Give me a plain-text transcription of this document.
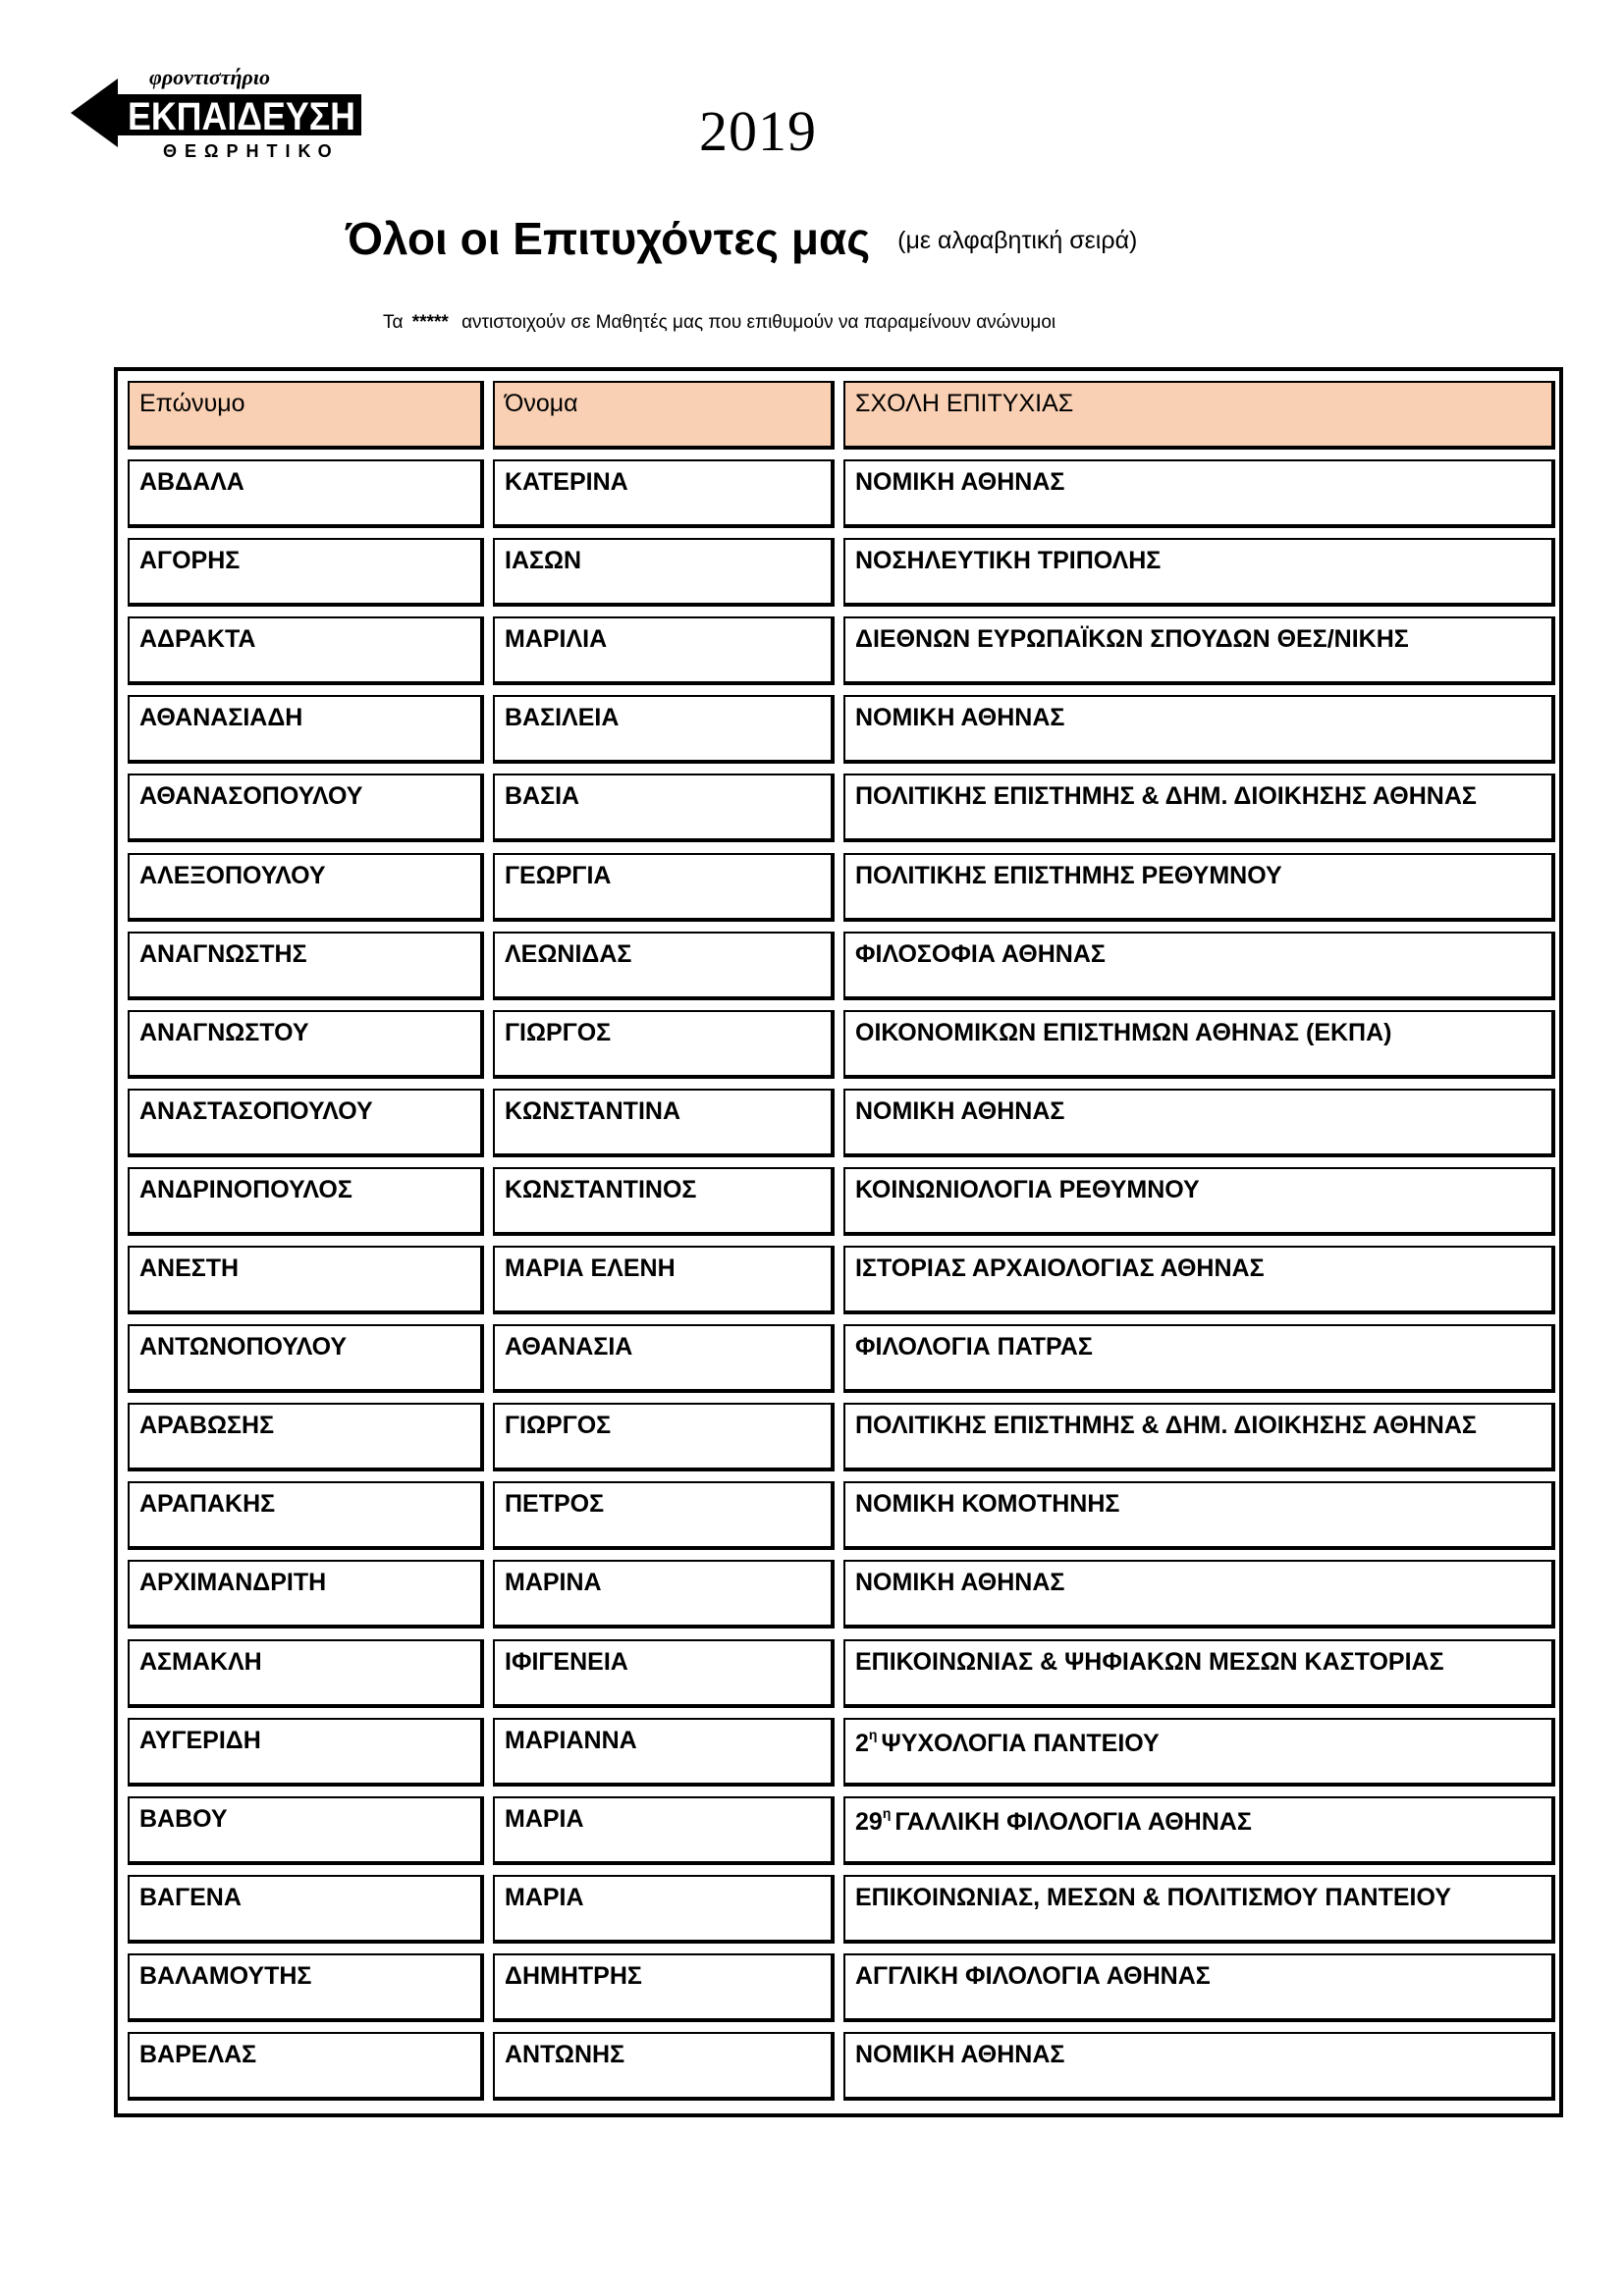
φροντιστήριο
ΕΚΠΑΙΔΕΥΣΗ
ΘΕΩΡΗΤΙΚΟ	2019
Όλοι οι Επιτυχόντες μας (με αλφαβητική σειρά)
Τα ***** αντιστοιχούν σε Μαθητές μας που επιθυμούν να παραμείνουν ανώνυμοι
Επώνυμο	Όνομα	ΣΧΟΛΗ ΕΠΙΤΥΧΙΑΣ
ΑΒΔΑΛΑ	ΚΑΤΕΡΙΝΑ	ΝΟΜΙΚΗ ΑΘΗΝΑΣ
ΑΓΟΡΗΣ	ΙΑΣΩΝ	ΝΟΣΗΛΕΥΤΙΚΗ ΤΡΙΠΟΛΗΣ
ΑΔΡΑΚΤΑ	ΜΑΡΙΛΙΑ	ΔΙΕΘΝΩΝ ΕΥΡΩΠΑΪΚΩΝ ΣΠΟΥΔΩΝ ΘΕΣ/ΝΙΚΗΣ
ΑΘΑΝΑΣΙΑΔΗ	ΒΑΣΙΛΕΙΑ	ΝΟΜΙΚΗ ΑΘΗΝΑΣ
ΑΘΑΝΑΣΟΠΟΥΛΟΥ	ΒΑΣΙΑ	ΠΟΛΙΤΙΚΗΣ ΕΠΙΣΤΗΜΗΣ & ΔΗΜ. ΔΙΟΙΚΗΣΗΣ ΑΘΗΝΑΣ
ΑΛΕΞΟΠΟΥΛΟΥ	ΓΕΩΡΓΙΑ	ΠΟΛΙΤΙΚΗΣ ΕΠΙΣΤΗΜΗΣ ΡΕΘΥΜΝΟΥ
ΑΝΑΓΝΩΣΤΗΣ	ΛΕΩΝΙΔΑΣ	ΦΙΛΟΣΟΦΙΑ ΑΘΗΝΑΣ
ΑΝΑΓΝΩΣΤΟΥ	ΓΙΩΡΓΟΣ	ΟΙΚΟΝΟΜΙΚΩΝ ΕΠΙΣΤΗΜΩΝ ΑΘΗΝΑΣ (ΕΚΠΑ)
ΑΝΑΣΤΑΣΟΠΟΥΛΟΥ	ΚΩΝΣΤΑΝΤΙΝΑ	ΝΟΜΙΚΗ ΑΘΗΝΑΣ
ΑΝΔΡΙΝΟΠΟΥΛΟΣ	ΚΩΝΣΤΑΝΤΙΝΟΣ	ΚΟΙΝΩΝΙΟΛΟΓΙΑ ΡΕΘΥΜΝΟΥ
ΑΝΕΣΤΗ	ΜΑΡΙΑ ΕΛΕΝΗ	ΙΣΤΟΡΙΑΣ ΑΡΧΑΙΟΛΟΓΙΑΣ ΑΘΗΝΑΣ
ΑΝΤΩΝΟΠΟΥΛΟΥ	ΑΘΑΝΑΣΙΑ	ΦΙΛΟΛΟΓΙΑ ΠΑΤΡΑΣ
ΑΡΑΒΩΣΗΣ	ΓΙΩΡΓΟΣ	ΠΟΛΙΤΙΚΗΣ ΕΠΙΣΤΗΜΗΣ & ΔΗΜ. ΔΙΟΙΚΗΣΗΣ ΑΘΗΝΑΣ
ΑΡΑΠΑΚΗΣ	ΠΕΤΡΟΣ	ΝΟΜΙΚΗ ΚΟΜΟΤΗΝΗΣ
ΑΡΧΙΜΑΝΔΡΙΤΗ	ΜΑΡΙΝΑ	ΝΟΜΙΚΗ ΑΘΗΝΑΣ
ΑΣΜΑΚΛΗ	ΙΦΙΓΕΝΕΙΑ	ΕΠΙΚΟΙΝΩΝΙΑΣ & ΨΗΦΙΑΚΩΝ ΜΕΣΩΝ ΚΑΣΤΟΡΙΑΣ
ΑΥΓΕΡΙΔΗ	ΜΑΡΙΑΝΝΑ	$2^\eta$ ΨΥΧΟΛΟΓΙΑ ΠΑΝΤΕΙΟΥ
ΒΑΒΟΥ	ΜΑΡΙΑ	$29^\eta$ ΓΑΛΛΙΚΗ ΦΙΛΟΛΟΓΙΑ ΑΘΗΝΑΣ
ΒΑΓΕΝΑ	ΜΑΡΙΑ	ΕΠΙΚΟΙΝΩΝΙΑΣ, ΜΕΣΩΝ & ΠΟΛΙΤΙΣΜΟΥ ΠΑΝΤΕΙΟΥ
ΒΑΛΑΜΟΥΤΗΣ	ΔΗΜΗΤΡΗΣ	ΑΓΓΛΙΚΗ ΦΙΛΟΛΟΓΙΑ ΑΘΗΝΑΣ
ΒΑΡΕΛΑΣ	ΑΝΤΩΝΗΣ	ΝΟΜΙΚΗ ΑΘΗΝΑΣ
